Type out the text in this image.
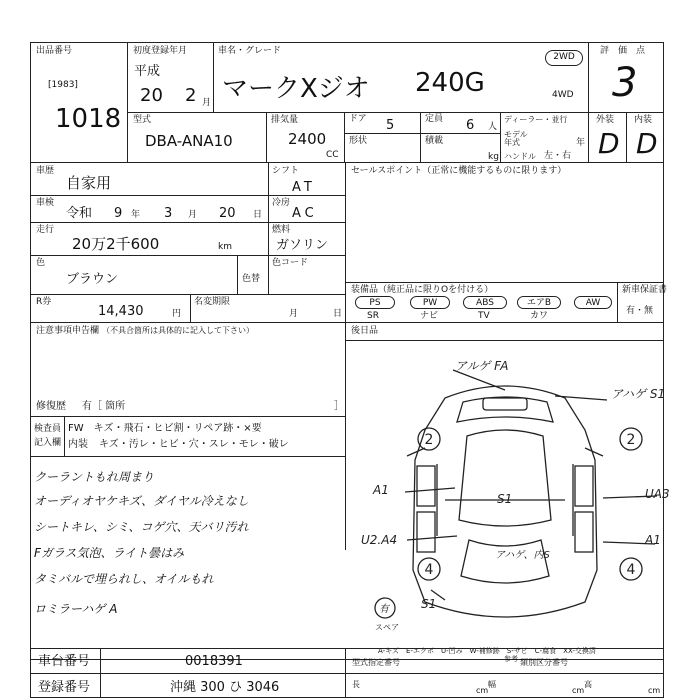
出品番号
[1983]
1018
初度登録年月
平成
20 2 月
車名・グレード
マークXジオ 240G
2WD
4WD
評　価　点
3
外装 内装
D D
型式
DBA-ANA10
排気量
2400
CC
ドア 5	定員 6 人
形状	積載
kg
ディーラー・並行
モデル年式	年
ハンドル 左・右
車歴
自家用
車検
令和 9 年 3 月 20 日
走行
20万2千600	km
色
ブラウン	色替
シフト
AT
冷房
AC
燃料
ガソリン
色コード
R券
14,430	円
名変期限
月	日
セールスポイント（正常に機能するものに限ります）
装備品（純正品に限りOを付ける）	新車保証書
有・無
PS	PW	ABS	エアB	AW
SR	ナビ	TV	カワ
後日品
注意事項申告欄 （不具合箇所は具体的に記入して下さい）
修復歴 有［ 箇所	］
検査員
記入欄
FW　キズ・飛石・ヒビ割・リペア跡・×要
内装 キズ・汚レ・ヒビ・穴・スレ・モレ・破レ
クーラントもれ周まり
オーディオヤケキズ、ダイヤル冷えなし
シートキレ、シミ、コゲ穴、天バリ汚れ
Fガラス気泡、ライト曇はみ
タミバルで埋られし、オイルもれ
ロミラーハゲ A
アルゲ FA
アハゲ S1
A1	UA3
S1
U2.A4	A1
アハゲ、内S
S1
有
スペア
2	2
4	4
A-キズ　E-エクボ　U-凹み　W-補修跡　S-サビ　C-腐食　XX-交換済
参考
車台番号	0018391
登録番号	沖縄 300 ひ 3046
型式指定番号	類別区分番号
長
cm
幅
cm
高
cm
